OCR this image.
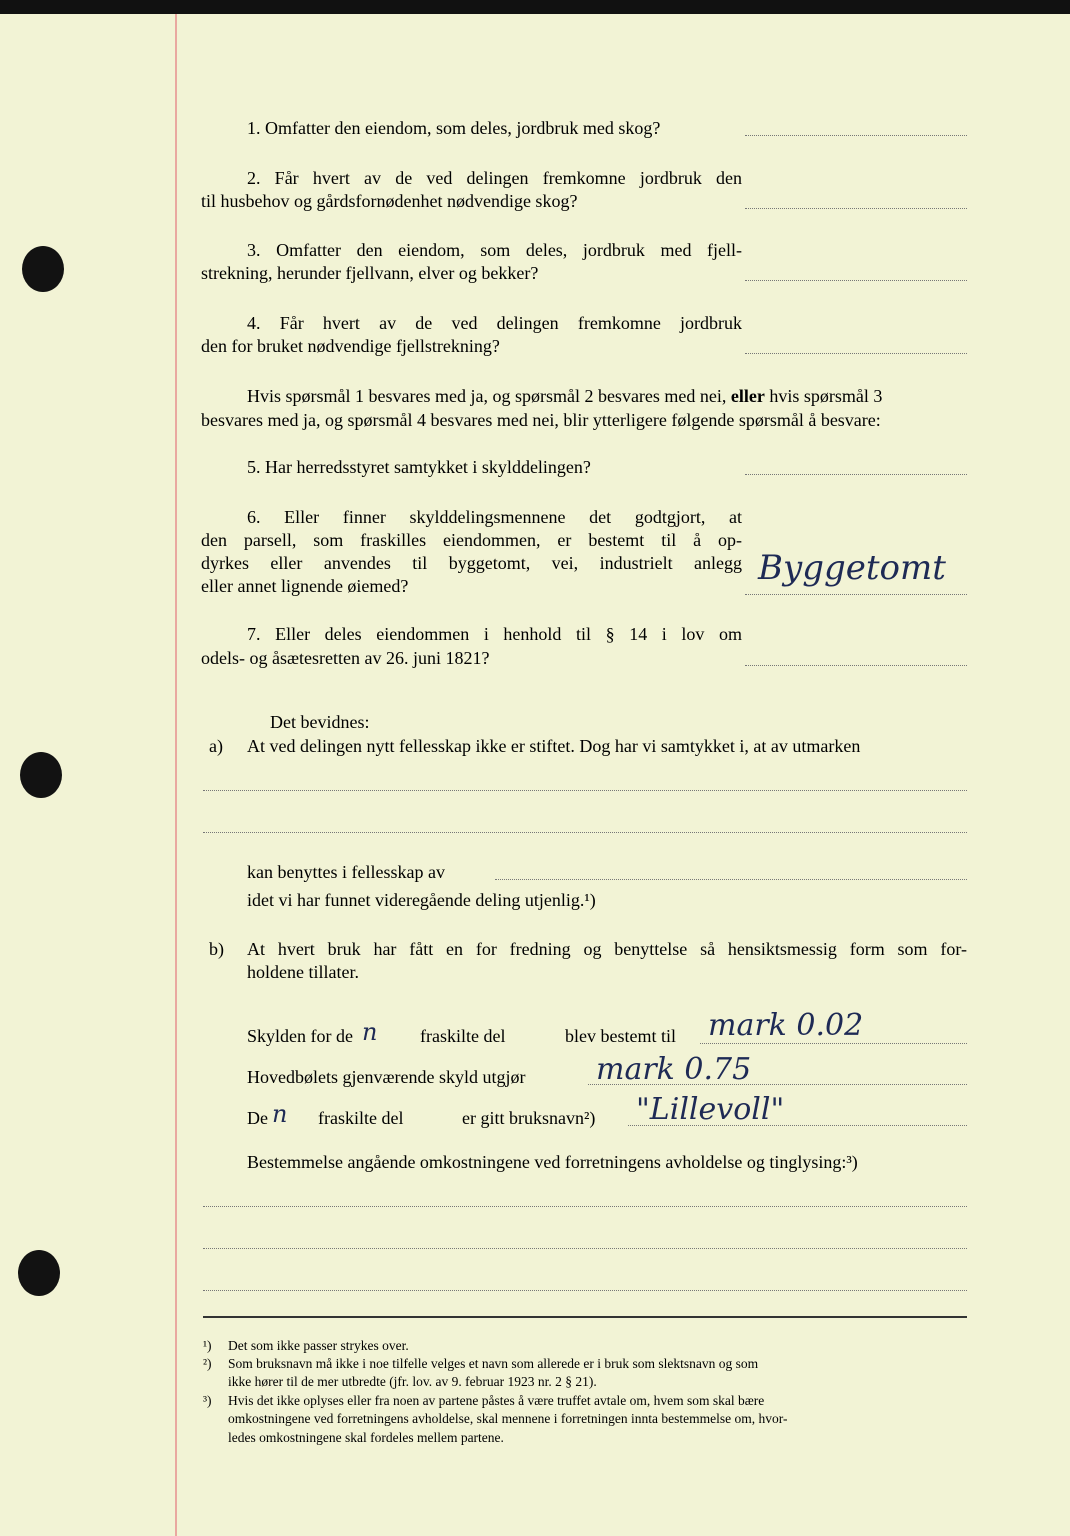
1. Omfatter den eiendom, som deles, jordbruk med skog?
2. Får hvert av de ved delingen fremkomne jordbruk den
til husbehov og gårdsfornødenhet nødvendige skog?
3. Omfatter den eiendom, som deles, jordbruk med fjell-
strekning, herunder fjellvann, elver og bekker?
4. Får hvert av de ved delingen fremkomne jordbruk
den for bruket nødvendige fjellstrekning?
Hvis spørsmål 1 besvares med ja, og spørsmål 2 besvares med nei, eller hvis spørsmål 3
besvares med ja, og spørsmål 4 besvares med nei, blir ytterligere følgende spørsmål å besvare:
5. Har herredsstyret samtykket i skylddelingen?
6. Eller finner skylddelingsmennene det godtgjort, at
den parsell, som fraskilles eiendommen, er bestemt til å op-
dyrkes eller anvendes til byggetomt, vei, industrielt anlegg
eller annet lignende øiemed?	Byggetomt
7. Eller deles eiendommen i henhold til § 14 i lov om
odels- og åsætesretten av 26. juni 1821?
Det bevidnes:
a) At ved delingen nytt fellesskap ikke er stiftet. Dog har vi samtykket i, at av utmarken
kan benyttes i fellesskap av
idet vi har funnet videregående deling utjenlig.¹)
b) At hvert bruk har fått en for fredning og benyttelse så hensiktsmessig form som for-
holdene tillater.
Skylden for de n fraskilte del	blev bestemt til mark 0.02
Hovedbølets gjenværende skyld utgjør mark 0.75
De n fraskilte del	er gitt bruksnavn²) "Lillevoll"
Bestemmelse angående omkostningene ved forretningens avholdelse og tinglysing:³)
¹) Det som ikke passer strykes over.
²) Som bruksnavn må ikke i noe tilfelle velges et navn som allerede er i bruk som slektsnavn og som
ikke hører til de mer utbredte (jfr. lov. av 9. februar 1923 nr. 2 § 21).
³) Hvis det ikke oplyses eller fra noen av partene påstes å være truffet avtale om, hvem som skal bære
omkostningene ved forretningens avholdelse, skal mennene i forretningen innta bestemmelse om, hvor-
ledes omkostningene skal fordeles mellem partene.
